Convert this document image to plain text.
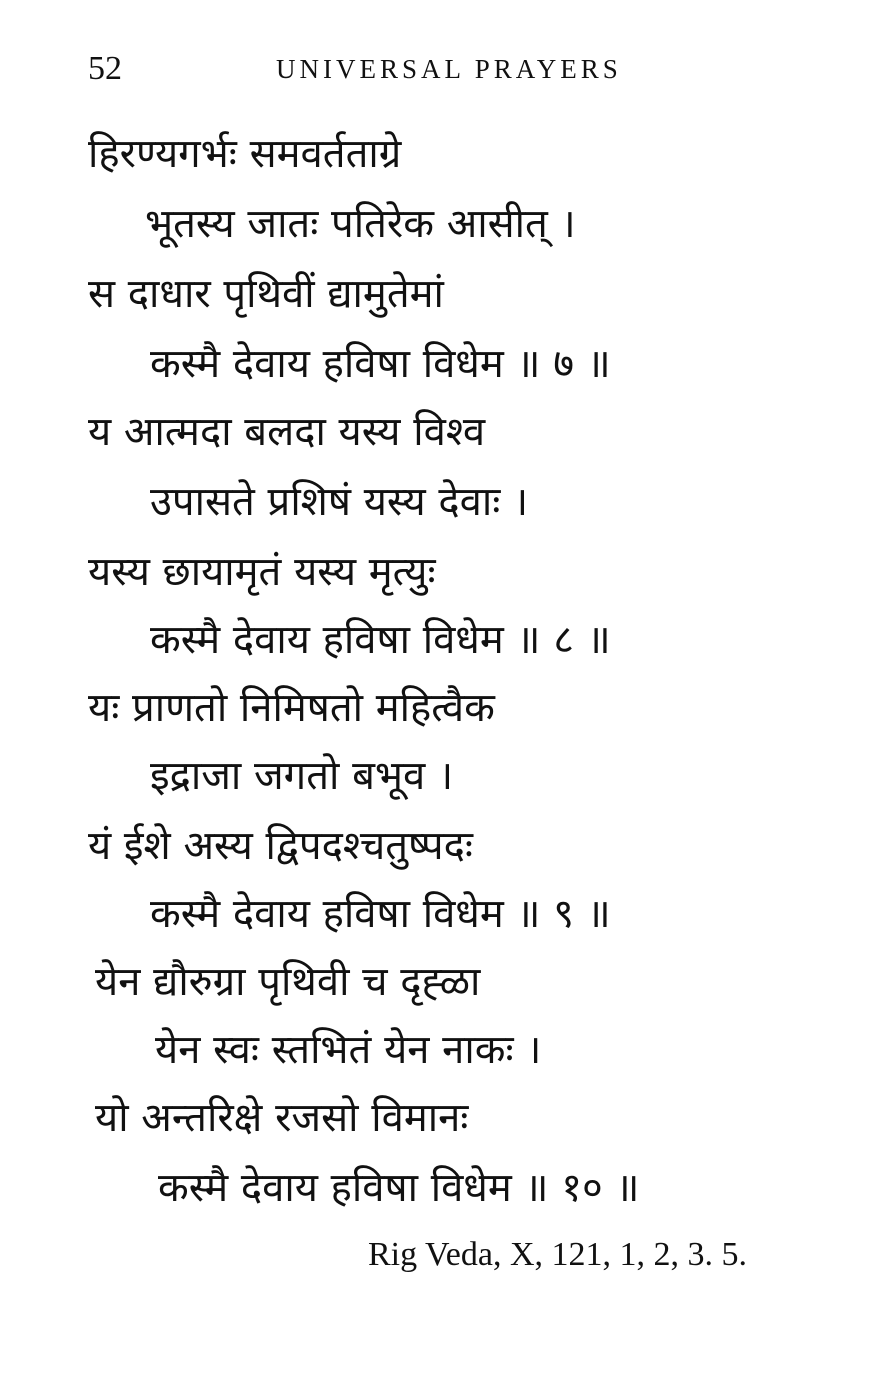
52	UNIVERSAL PRAYERS
हिरण्यगर्भः समवर्तताग्रे
भूतस्य जातः पतिरेक आसीत् ।
स दाधार पृथिवीं द्यामुतेमां
कस्मै देवाय हविषा विधेम ॥ ७ ॥
य आत्मदा बलदा यस्य विश्व
उपासते प्रशिषं यस्य देवाः ।
यस्य छायामृतं यस्य मृत्युः
कस्मै देवाय हविषा विधेम ॥ ८ ॥
यः प्राणतो निमिषतो महित्वैक
इद्राजा जगतो बभूव ।
यं ईशे अस्य द्विपदश्चतुष्पदः
कस्मै देवाय हविषा विधेम ॥ ९ ॥
येन द्यौरुग्रा पृथिवी च दृह्ळा
येन स्वः स्तभितं येन नाकः ।
यो अन्तरिक्षे रजसो विमानः
कस्मै देवाय हविषा विधेम ॥ १० ॥
Rig Veda, X, 121, 1, 2, 3. 5.
